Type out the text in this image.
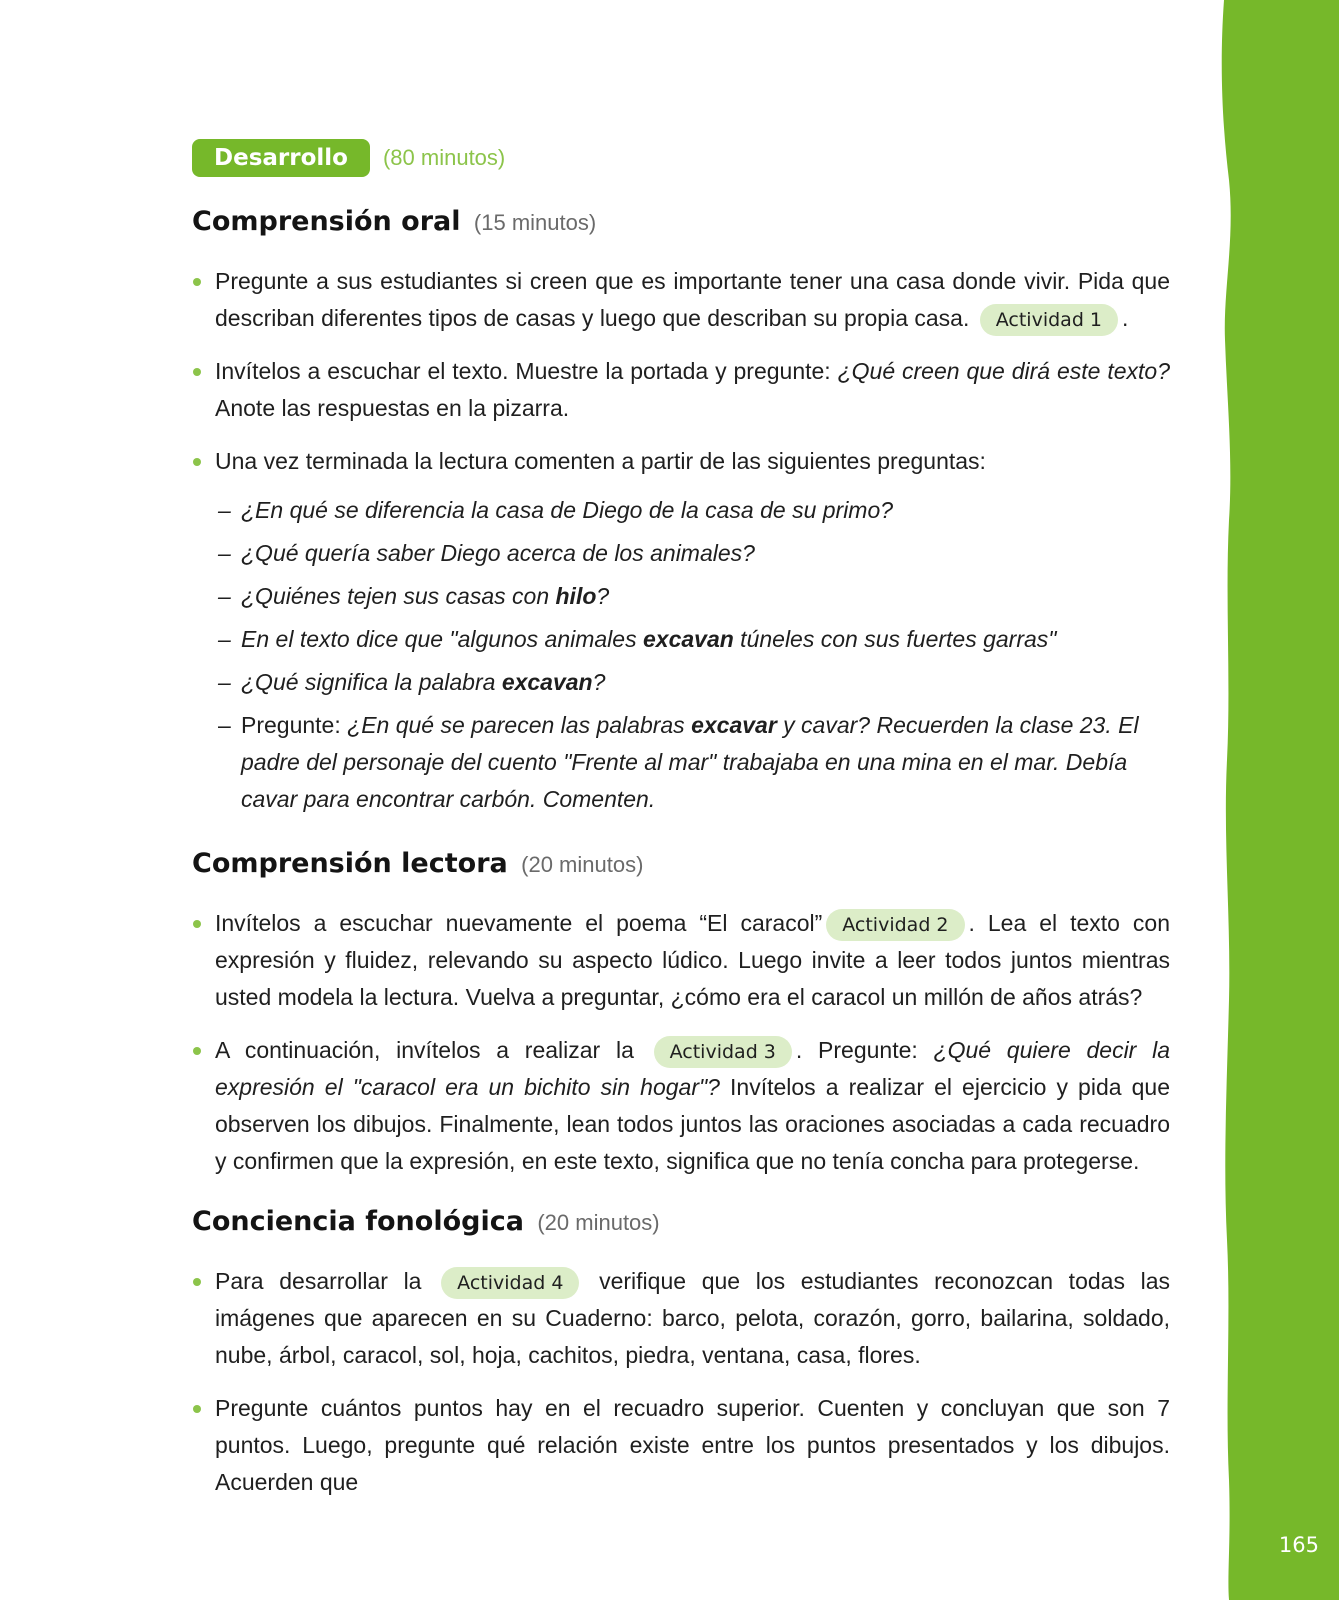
165
Desarrollo	(80 minutos)
Comprensión oral (15 minutos)
Pregunte a sus estudiantes si creen que es importante tener una casa donde vivir. Pida que describan diferentes tipos de casas y luego que describan su propia casa. Actividad 1 .
Invítelos a escuchar el texto. Muestre la portada y pregunte: ¿Qué creen que dirá este texto? Anote las respuestas en la pizarra.
Una vez terminada la lectura comenten a partir de las siguientes preguntas:
– ¿En qué se diferencia la casa de Diego de la casa de su primo?
– ¿Qué quería saber Diego acerca de los animales?
– ¿Quiénes tejen sus casas con hilo?
– En el texto dice que "algunos animales excavan túneles con sus fuertes garras"
– ¿Qué significa la palabra excavan?
– Pregunte: ¿En qué se parecen las palabras excavar y cavar? Recuerden la clase 23. El padre del personaje del cuento "Frente al mar" trabajaba en una mina en el mar. Debía cavar para encontrar carbón. Comenten.
Comprensión lectora (20 minutos)
Invítelos a escuchar nuevamente el poema “El caracol” Actividad 2 . Lea el texto con expresión y fluidez, relevando su aspecto lúdico. Luego invite a leer todos juntos mientras usted modela la lectura. Vuelva a preguntar, ¿cómo era el caracol un millón de años atrás?
A continuación, invítelos a realizar la Actividad 3 . Pregunte: ¿Qué quiere decir la expresión el "caracol era un bichito sin hogar"? Invítelos a realizar el ejercicio y pida que observen los dibujos. Finalmente, lean todos juntos las oraciones asociadas a cada recuadro y confirmen que la expresión, en este texto, significa que no tenía concha para protegerse.
Conciencia fonológica (20 minutos)
Para desarrollar la Actividad 4 verifique que los estudiantes reconozcan todas las imágenes que aparecen en su Cuaderno: barco, pelota, corazón, gorro, bailarina, soldado, nube, árbol, caracol, sol, hoja, cachitos, piedra, ventana, casa, flores.
Pregunte cuántos puntos hay en el recuadro superior. Cuenten y concluyan que son 7 puntos. Luego, pregunte qué relación existe entre los puntos presentados y los dibujos. Acuerden que
